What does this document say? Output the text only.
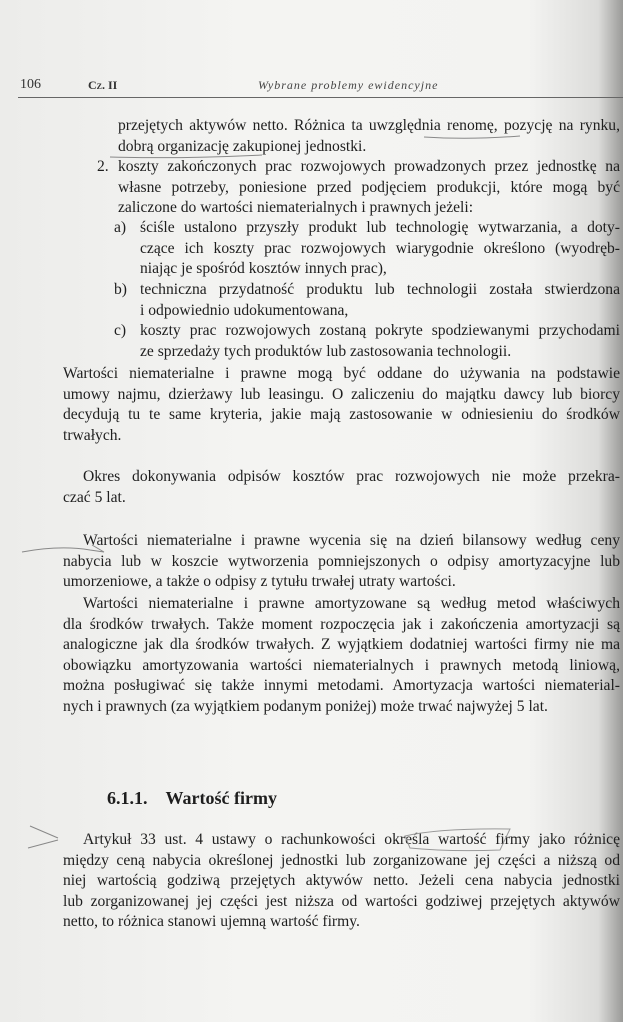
106	Cz. II	Wybrane problemy ewidencyjne
przejętych aktywów netto. Różnica ta uwzględnia renomę, pozycję na rynku,
dobrą organizację zakupionej jednostki.
2. koszty zakończonych prac rozwojowych prowadzonych przez jednostkę na
własne potrzeby, poniesione przed podjęciem produkcji, które mogą być
zaliczone do wartości niematerialnych i prawnych jeżeli:
a) ściśle ustalono przyszły produkt lub technologię wytwarzania, a doty-
czące ich koszty prac rozwojowych wiarygodnie określono (wyodręb-
niając je spośród kosztów innych prac),
b) techniczna przydatność produktu lub technologii została stwierdzona
i odpowiednio udokumentowana,
c) koszty prac rozwojowych zostaną pokryte spodziewanymi przychodami
ze sprzedaży tych produktów lub zastosowania technologii.
Wartości niematerialne i prawne mogą być oddane do używania na podstawie
umowy najmu, dzierżawy lub leasingu. O zaliczeniu do majątku dawcy lub biorcy
decydują tu te same kryteria, jakie mają zastosowanie w odniesieniu do środków
trwałych.
Okres dokonywania odpisów kosztów prac rozwojowych nie może przekra-
czać 5 lat.
Wartości niematerialne i prawne wycenia się na dzień bilansowy według ceny
nabycia lub w koszcie wytworzenia pomniejszonych o odpisy amortyzacyjne lub
umorzeniowe, a także o odpisy z tytułu trwałej utraty wartości.
Wartości niematerialne i prawne amortyzowane są według metod właściwych
dla środków trwałych. Także moment rozpoczęcia jak i zakończenia amortyzacji są
analogiczne jak dla środków trwałych. Z wyjątkiem dodatniej wartości firmy nie ma
obowiązku amortyzowania wartości niematerialnych i prawnych metodą liniową,
można posługiwać się także innymi metodami. Amortyzacja wartości niematerial-
nych i prawnych (za wyjątkiem podanym poniżej) może trwać najwyżej 5 lat.
6.1.1. Wartość firmy
Artykuł 33 ust. 4 ustawy o rachunkowości określa wartość firmy jako różnicę
między ceną nabycia określonej jednostki lub zorganizowane jej części a niższą od
niej wartością godziwą przejętych aktywów netto. Jeżeli cena nabycia jednostki
lub zorganizowanej jej części jest niższa od wartości godziwej przejętych aktywów
netto, to różnica stanowi ujemną wartość firmy.
